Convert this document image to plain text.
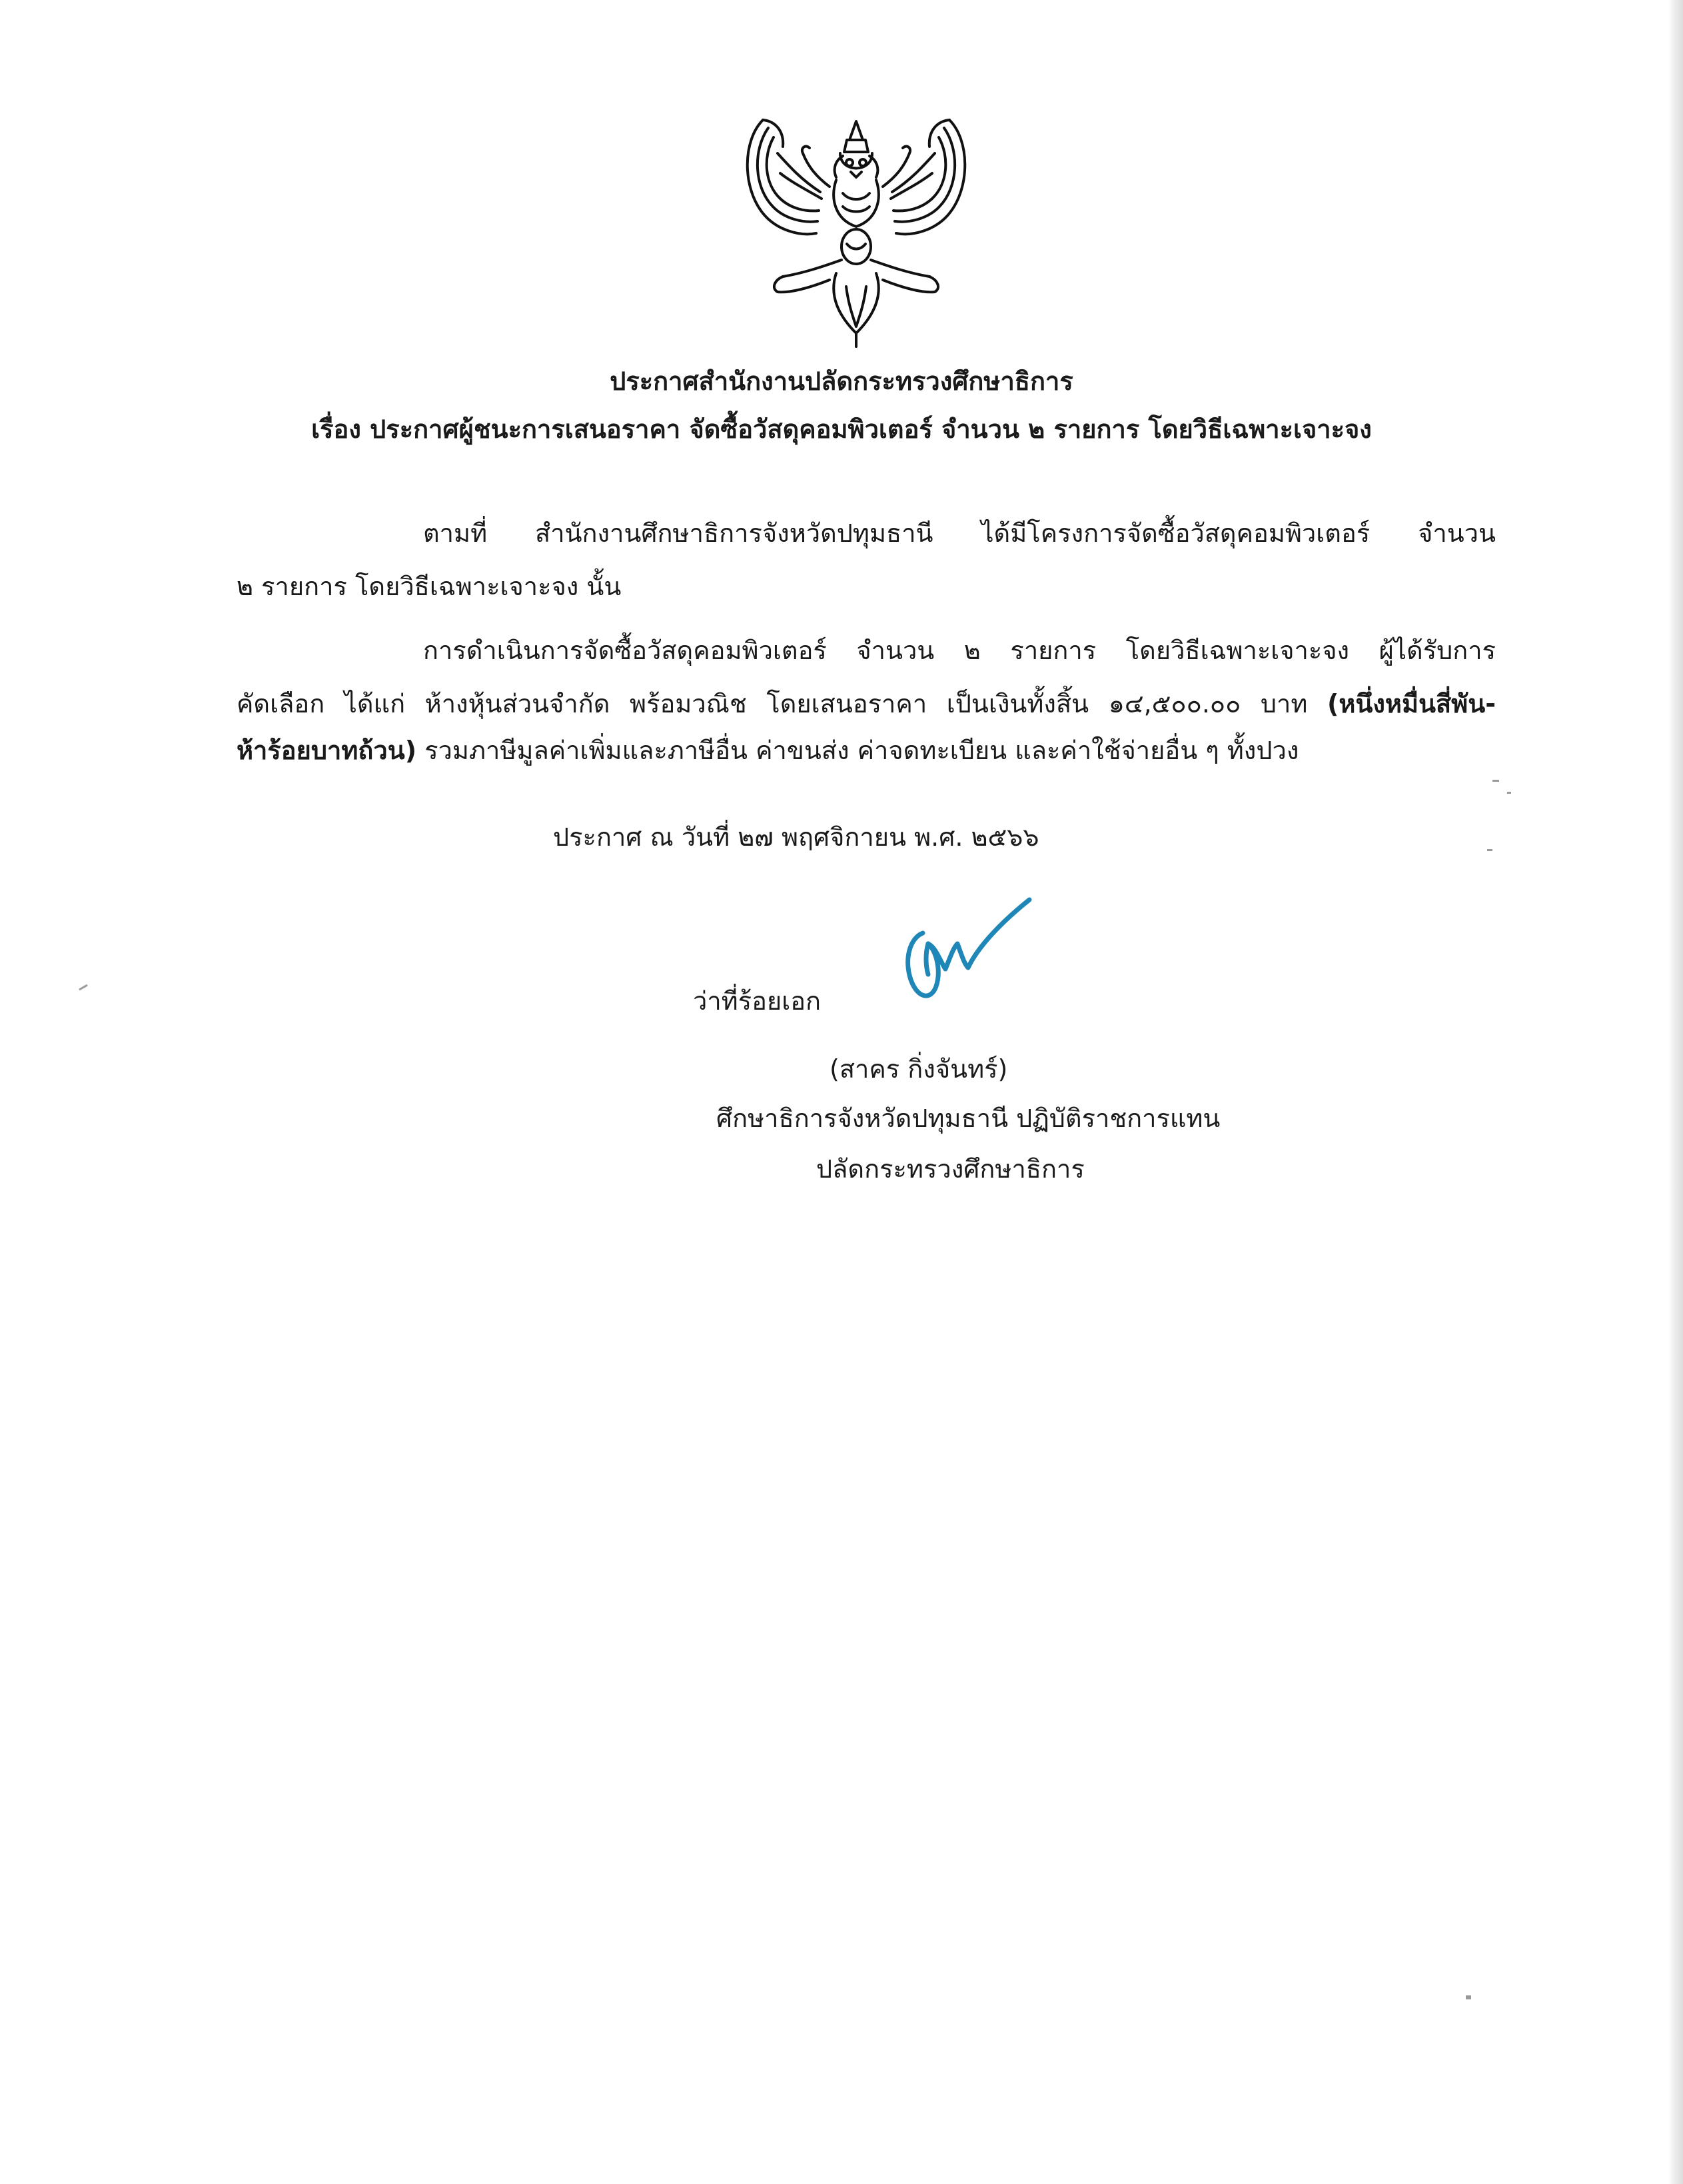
ประกาศสำนักงานปลัดกระทรวงศึกษาธิการ
เรื่อง ประกาศผู้ชนะการเสนอราคา จัดซื้อวัสดุคอมพิวเตอร์ จำนวน ๒ รายการ โดยวิธีเฉพาะเจาะจง
ตามที่ สำนักงานศึกษาธิการจังหวัดปทุมธานี ได้มีโครงการจัดซื้อวัสดุคอมพิวเตอร์ จำนวน
๒ รายการ โดยวิธีเฉพาะเจาะจง นั้น
การดำเนินการจัดซื้อวัสดุคอมพิวเตอร์ จำนวน ๒ รายการ โดยวิธีเฉพาะเจาะจง ผู้ได้รับการ
คัดเลือก ได้แก่ ห้างหุ้นส่วนจำกัด พร้อมวณิช โดยเสนอราคา เป็นเงินทั้งสิ้น ๑๔,๕๐๐.๐๐ บาท (หนึ่งหมื่นสี่พัน-
ห้าร้อยบาทถ้วน) รวมภาษีมูลค่าเพิ่มและภาษีอื่น ค่าขนส่ง ค่าจดทะเบียน และค่าใช้จ่ายอื่น ๆ ทั้งปวง
ประกาศ ณ วันที่ ๒๗ พฤศจิกายน พ.ศ. ๒๕๖๖
ว่าที่ร้อยเอก
(สาคร กิ่งจันทร์)
ศึกษาธิการจังหวัดปทุมธานี ปฏิบัติราชการแทน
ปลัดกระทรวงศึกษาธิการ
